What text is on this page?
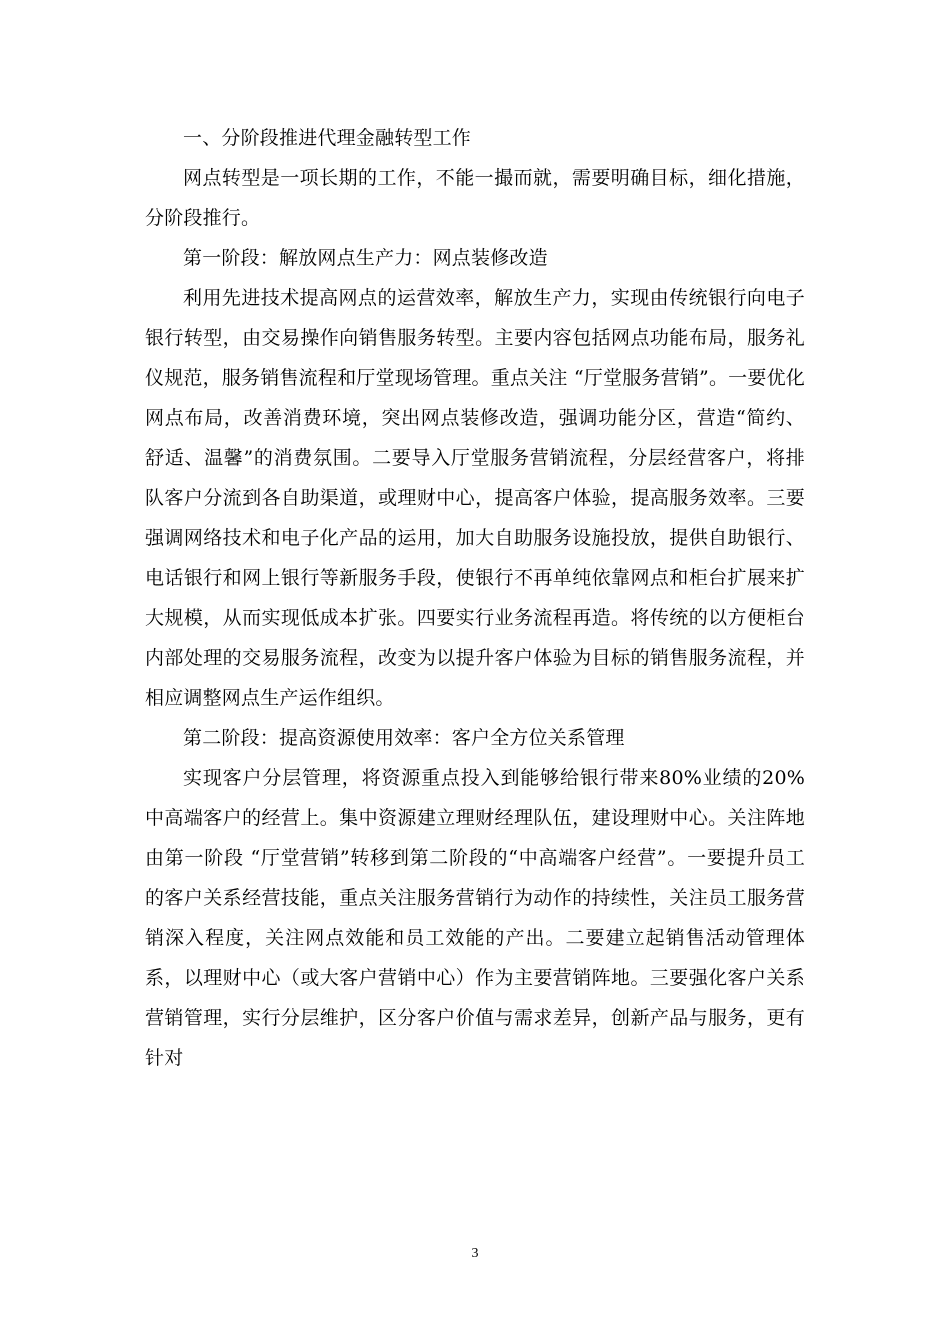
一、分阶段推进代理金融转型工作

网点转型是一项长期的工作，不能一撮而就，需要明确目标，细化措施，分阶段推行。

第一阶段：解放网点生产力：网点装修改造

利用先进技术提高网点的运营效率，解放生产力，实现由传统银行向电子银行转型，由交易操作向销售服务转型。主要内容包括网点功能布局，服务礼仪规范，服务销售流程和厅堂现场管理。重点关注 “厅堂服务营销”。一要优化网点布局，改善消费环境，突出网点装修改造，强调功能分区，营造“简约、舒适、温馨”的消费氛围。二要导入厅堂服务营销流程，分层经营客户，将排队客户分流到各自助渠道，或理财中心，提高客户体验，提高服务效率。三要强调网络技术和电子化产品的运用，加大自助服务设施投放，提供自助银行、电话银行和网上银行等新服务手段，使银行不再单纯依靠网点和柜台扩展来扩大规模，从而实现低成本扩张。四要实行业务流程再造。将传统的以方便柜台内部处理的交易服务流程，改变为以提升客户体验为目标的销售服务流程，并相应调整网点生产运作组织。

第二阶段：提高资源使用效率：客户全方位关系管理

实现客户分层管理，将资源重点投入到能够给银行带来80%业绩的20%中高端客户的经营上。集中资源建立理财经理队伍，建设理财中心。关注阵地由第一阶段 “厅堂营销”转移到第二阶段的“中高端客户经营”。一要提升员工的客户关系经营技能，重点关注服务营销行为动作的持续性，关注员工服务营销深入程度，关注网点效能和员工效能的产出。二要建立起销售活动管理体系，以理财中心（或大客户营销中心）作为主要营销阵地。三要强化客户关系营销管理，实行分层维护，区分客户价值与需求差异，创新产品与服务，更有针对

3
